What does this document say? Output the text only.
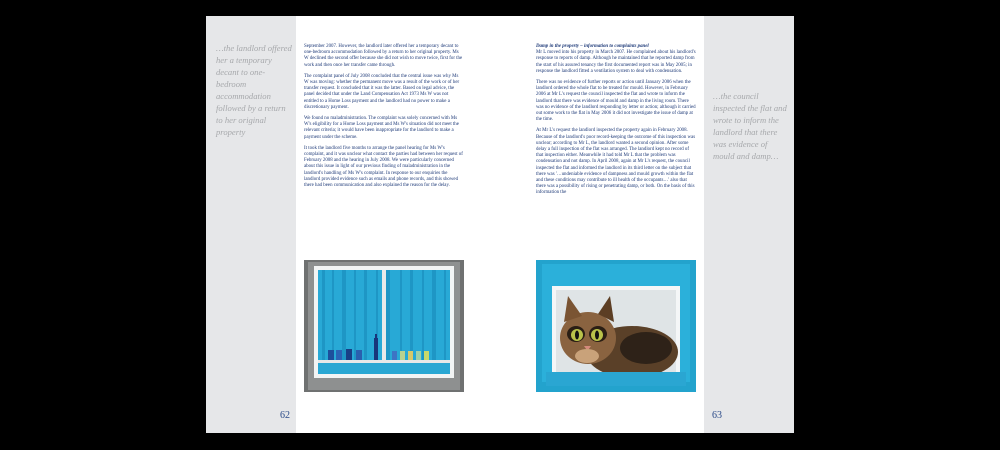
…the landlord offered her a temporary decant to one-bedroom accommodation followed by a return to her original property

September 2007. However, the landlord later offered her a temporary decant to one-bedroom accommodation followed by a return to her original property. Ms W declined the second offer because she did not wish to move twice, first for the work and then once her transfer came through.

The complaint panel of July 2008 concluded that the central issue was why Ms W was moving: whether the permanent move was a result of the work or of her transfer request. It concluded that it was the latter. Based on legal advice, the panel decided that under the Land Compensation Act 1973 Ms W was not entitled to a Home Loss payment and the landlord had no power to make a discretionary payment.

We found no maladministration. The complaint was solely concerned with Ms W's eligibility for a Home Loss payment and Ms W's situation did not meet the relevant criteria; it would have been inappropriate for the landlord to make a payment under the scheme.

It took the landlord five months to arrange the panel hearing for Ms W's complaint, and it was unclear what contact the parties had between her request of February 2008 and the hearing in July 2008. We were particularly concerned about this issue in light of our previous finding of maladministration in the landlord's handling of Ms W's complaint. In response to our enquiries the landlord provided evidence such as emails and phone records, and this showed there had been communication and also explained the reason for the delay.

62

Damp in the property – information to complaints panel

Mr L moved into his property in March 2007. He complained about his landlord's response to reports of damp. Although he maintained that he reported damp from the start of his assured tenancy the first documented report was in May 2005; in response the landlord fitted a ventilation system to deal with condensation.

There was no evidence of further reports or action until January 2006 when the landlord ordered the whole flat to be treated for mould. However, in February 2006 at Mr L's request the council inspected the flat and wrote to inform the landlord that there was evidence of mould and damp in the living room. There was no evidence of the landlord responding by letter or action; although it carried out some work to the flat in May 2006 it did not investigate the issue of damp at the time.

At Mr L's request the landlord inspected the property again in February 2008. Because of the landlord's poor record-keeping the outcome of this inspection was unclear; according to Mr L, the landlord wanted a second opinion. After some delay a full inspection of the flat was arranged. The landlord kept no record of that inspection either. Meanwhile it had told Mr L that the problem was condensation and not damp. In April 2008, again at Mr L's request, the council inspected the flat and informed the landlord in its third letter on the subject that there was '…undeniable evidence of dampness and mould growth within the flat and these conditions may contribute to ill health of the occupants…' also that there was a possibility of rising or penetrating damp, or both. On the basis of this information the

…the council inspected the flat and wrote to inform the landlord that there was evidence of mould and damp…
63
